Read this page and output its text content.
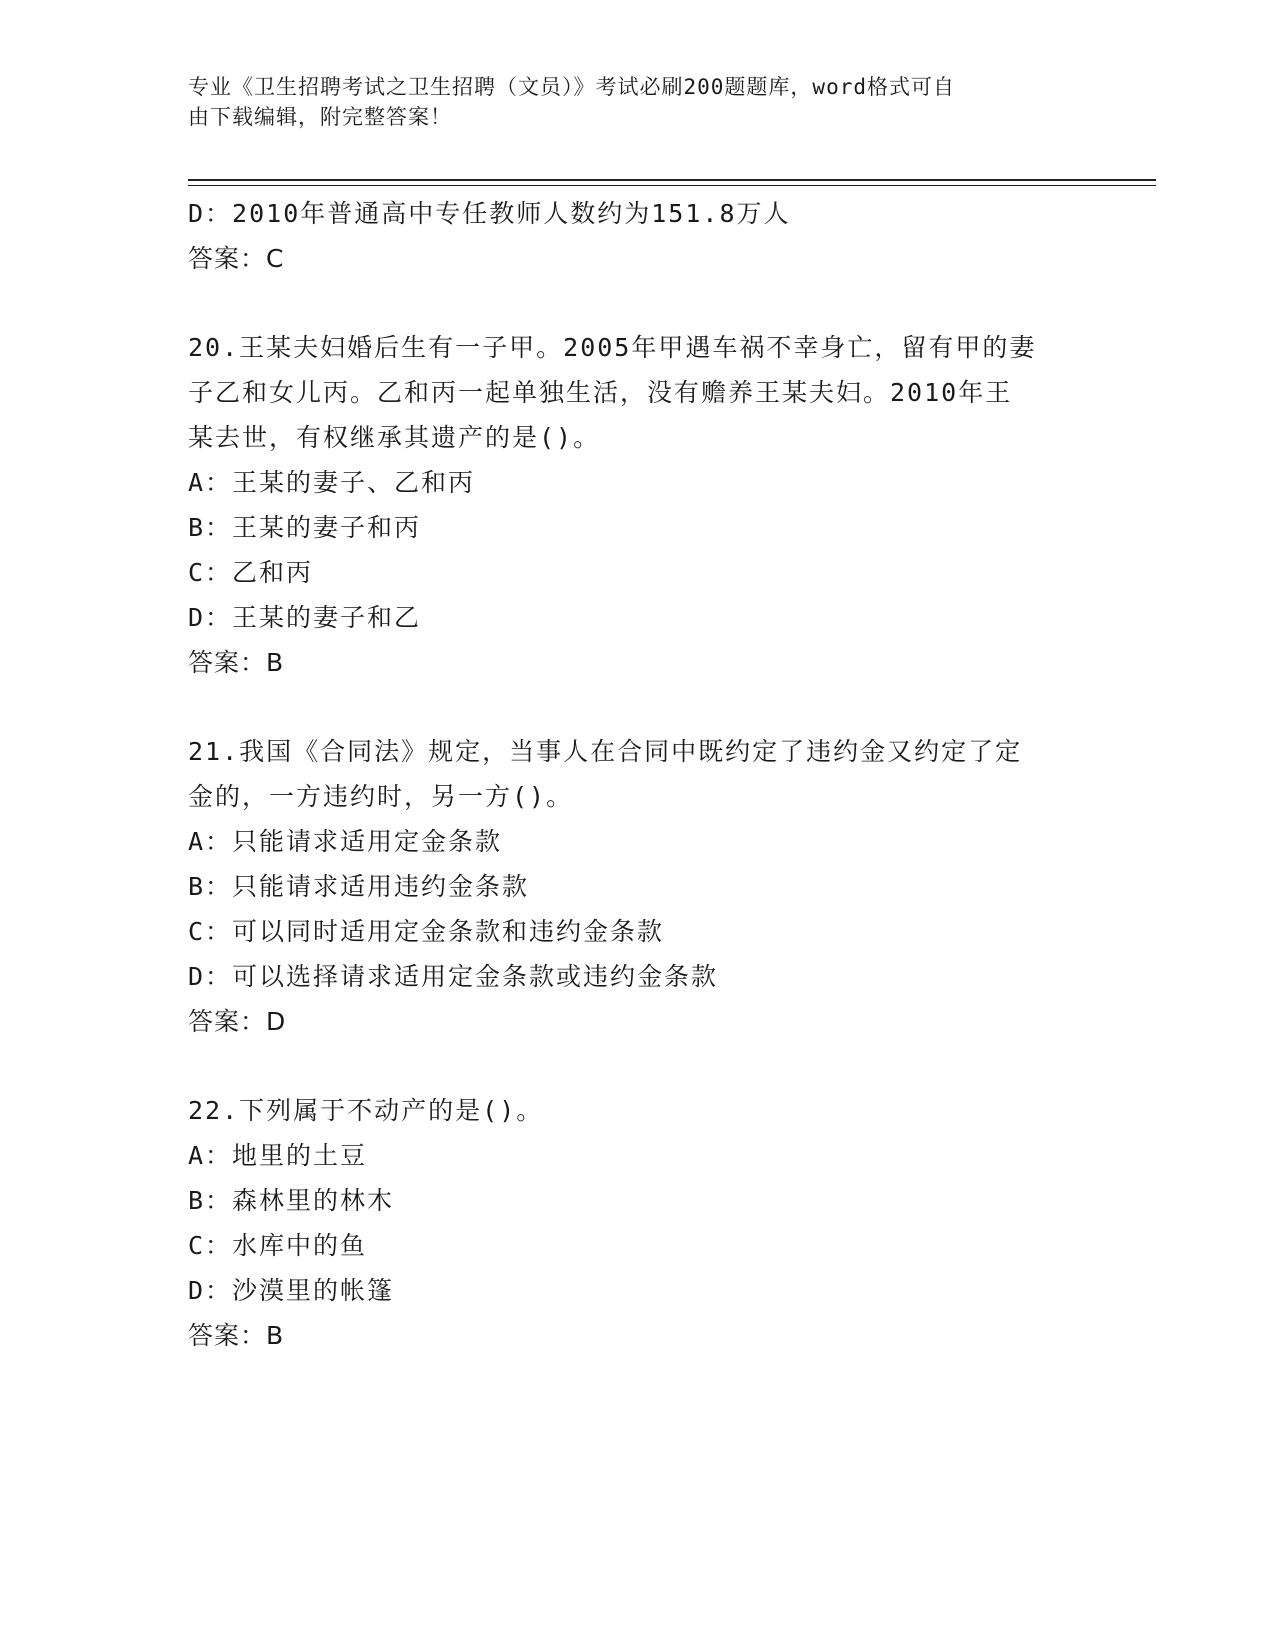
专业《卫生招聘考试之卫生招聘（文员）》考试必刷200题题库，word格式可自
由下载编辑，附完整答案！
D：2010年普通高中专任教师人数约为151.8万人
答案：C
20.王某夫妇婚后生有一子甲。2005年甲遇车祸不幸身亡，留有甲的妻
子乙和女儿丙。乙和丙一起单独生活，没有赡养王某夫妇。2010年王
某去世，有权继承其遗产的是()。
A：王某的妻子、乙和丙
B：王某的妻子和丙
C：乙和丙
D：王某的妻子和乙
答案：B
21.我国《合同法》规定，当事人在合同中既约定了违约金又约定了定
金的，一方违约时，另一方()。
A：只能请求适用定金条款
B：只能请求适用违约金条款
C：可以同时适用定金条款和违约金条款
D：可以选择请求适用定金条款或违约金条款
答案：D
22.下列属于不动产的是()。
A：地里的土豆
B：森林里的林木
C：水库中的鱼
D：沙漠里的帐篷
答案：B
